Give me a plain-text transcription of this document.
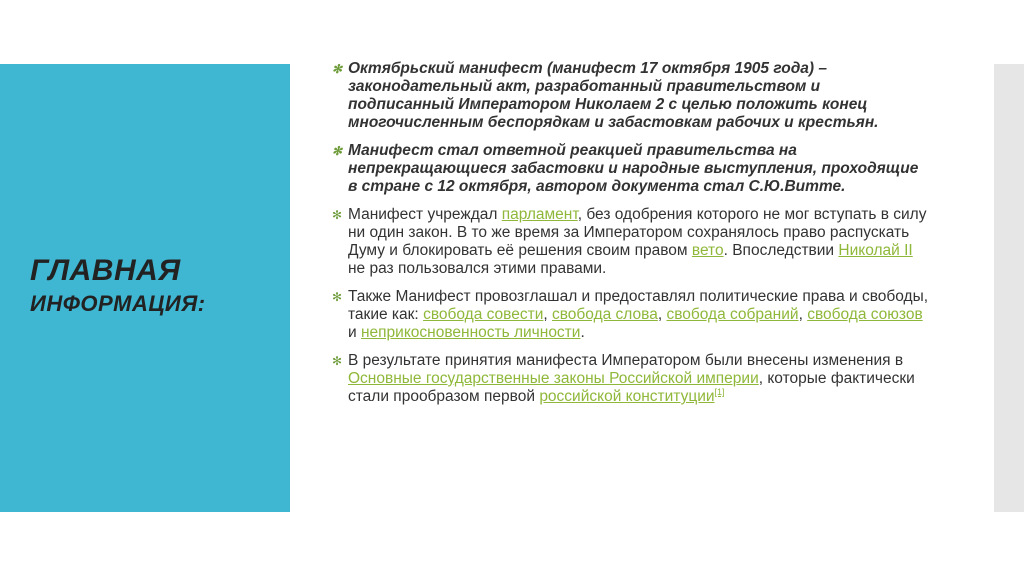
ГЛАВНАЯ
ИНФОРМАЦИЯ:
✻ Октябрьский манифест (манифест 17 октября 1905 года) – законодательный акт, разработанный правительством и подписанный Императором Николаем 2 с целью положить конец многочисленным беспорядкам и забастовкам рабочих и крестьян.
✻ Манифест стал ответной реакцией правительства на непрекращающиеся забастовки и народные выступления, проходящие в стране с 12 октября, автором документа стал С.Ю.Витте.
✻ Манифест учреждал парламент, без одобрения которого не мог вступать в силу ни один закон. В то же время за Императором сохранялось право распускать Думу и блокировать её решения своим правом вето. Впоследствии Николай II не раз пользовался этими правами.
✻ Также Манифест провозглашал и предоставлял политические права и свободы, такие как: свобода совести, свобода слова, свобода собраний, свобода союзов и неприкосновенность личности.
✻ В результате принятия манифеста Императором были внесены изменения в Основные государственные законы Российской империи, которые фактически стали прообразом первой российской конституции[1]
